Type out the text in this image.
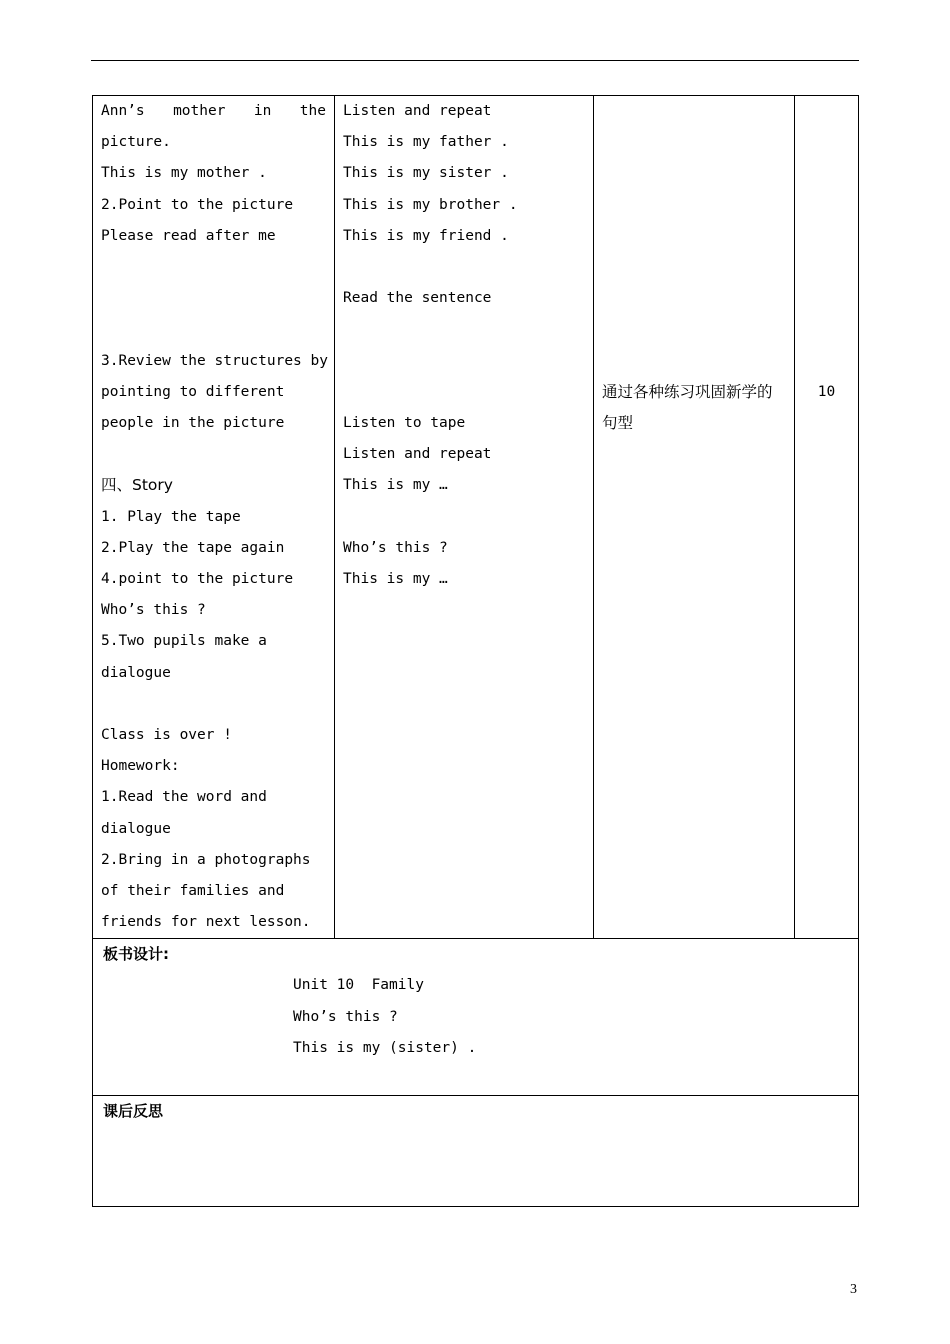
Ann’s mother in the
picture.
This is my mother .
2.Point to the picture
Please read after me
3.Review the structures by
pointing to different
people in the picture
四、Story
1. Play the tape
2.Play the tape again
4.point to the picture
Who’s this ?
5.Two pupils make a
dialogue
Class is over !
Homework:
1.Read the word and
dialogue
2.Bring in a photographs
of their families and
friends for next lesson.

Listen and repeat
This is my father .
This is my sister .
This is my brother .
This is my friend .
Read the sentence
Listen to tape
Listen and repeat
This is my …
Who’s this ?
This is my …

通过各种练习巩固新学的句型

10

板书设计:
Unit 10  Family
Who’s this ?
This is my (sister) .

课后反思
3
